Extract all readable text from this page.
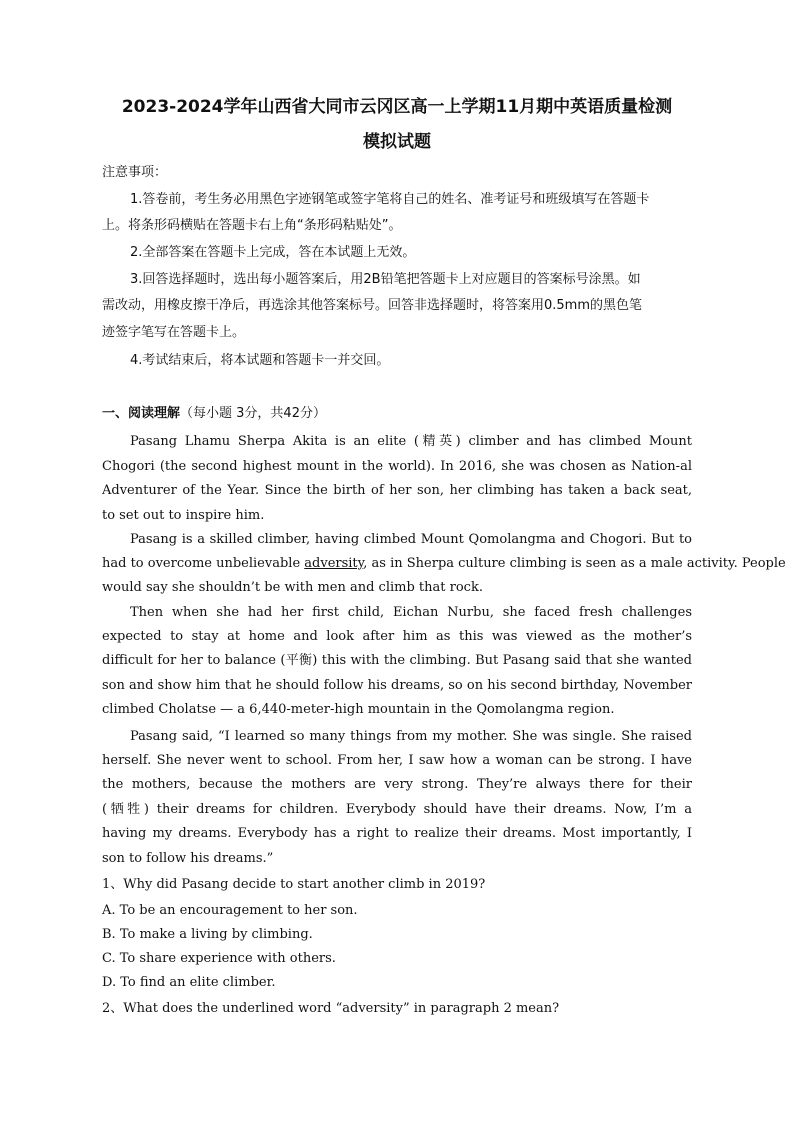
2023-2024学年山西省大同市云冈区高一上学期11月期中英语质量检测
模拟试题
注意事项：
1.答卷前，考生务必用黑色字迹钢笔或签字笔将自己的姓名、准考证号和班级填写在答题卡
上。将条形码横贴在答题卡右上角“条形码粘贴处”。
2.全部答案在答题卡上完成，答在本试题上无效。
3.回答选择题时，选出每小题答案后，用2B铅笔把答题卡上对应题目的答案标号涂黑。如
需改动，用橡皮擦干净后，再选涂其他答案标号。回答非选择题时，将答案用0.5mm的黑色笔
迹签字笔写在答题卡上。
4.考试结束后，将本试题和答题卡一并交回。
一、阅读理解（每小题 3分，共42分）
Pasang Lhamu Sherpa Akita is an elite (精英) climber and has climbed Mount
Chogori (the second highest mount in the world). In 2016, she was chosen as Nation-al
Adventurer of the Year. Since the birth of her son, her climbing has taken a back seat,
to set out to inspire him.
Pasang is a skilled climber, having climbed Mount Qomolangma and Chogori. But to
had to overcome unbelievable adversity, as in Sherpa culture climbing is seen as a male activity. People
would say she shouldn’t be with men and climb that rock.
Then when she had her first child, Eichan Nurbu, she faced fresh challenges
expected to stay at home and look after him as this was viewed as the mother’s
difficult for her to balance (平衡) this with the climbing. But Pasang said that she wanted
son and show him that he should follow his dreams, so on his second birthday, November
climbed Cholatse — a 6,440-meter-high mountain in the Qomolangma region.
Pasang said, “I learned so many things from my mother. She was single. She raised
herself. She never went to school. From her, I saw how a woman can be strong. I have
the mothers, because the mothers are very strong. They’re always there for their
(牺牲) their dreams for children. Everybody should have their dreams. Now, I’m a
having my dreams. Everybody has a right to realize their dreams. Most importantly, I
son to follow his dreams.”
1、Why did Pasang decide to start another climb in 2019?
A. To be an encouragement to her son.
B. To make a living by climbing.
C. To share experience with others.
D. To find an elite climber.
2、What does the underlined word “adversity” in paragraph 2 mean?
